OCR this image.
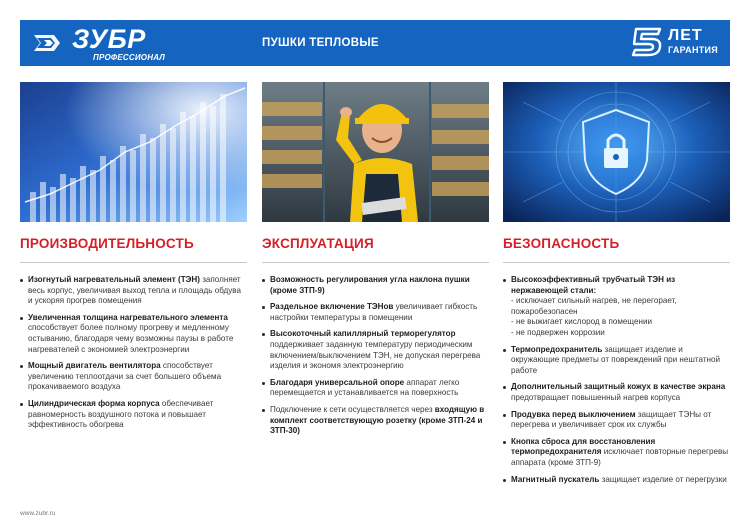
ЗУБР
ПРОФЕССИОНАЛ
ПУШКИ ТЕПЛОВЫЕ	ЛЕТ
ГАРАНТИЯ
ПРОИЗВОДИТЕЛЬНОСТЬ
Изогнутый нагревательный элемент (ТЭН) заполняет весь корпус, увеличивая выход тепла и площадь обдува и ускоряя прогрев помещения
Увеличенная толщина нагревательного элемента способствует более полному прогреву и медленному остыванию, благодаря чему возможны паузы в работе нагревателей с экономией электроэнергии
Мощный двигатель вентилятора способствует увеличению теплоотдачи за счет большего объема прокачиваемого воздуха
Цилиндрическая форма корпуса обеспечивает равномерность воздушного потока и повышает эффективность обогрева
ЭКСПЛУАТАЦИЯ
Возможность регулирования угла наклона пушки (кроме ЗТП-9)
Раздельное включение ТЭНов увеличивает гибкость настройки температуры в помещении
Высокоточный капиллярный терморегулятор поддерживает заданную температуру периодическим включением/выключением ТЭН, не допуская перегрева изделия и экономя электроэнергию
Благодаря универсальной опоре аппарат легко перемещается и устанавливается на поверхность
Подключение к сети осуществляется через входящую в комплект соответствующую розетку (кроме ЗТП-24 и ЗТП-30)
БЕЗОПАСНОСТЬ
Высокоэффективный трубчатый ТЭН из нержавеющей стали:
- исключает сильный нагрев, не перегорает, пожаробезопасен
- не выжигает кислород в помещении
- не подвержен коррозии
Термопредохранитель защищает изделие и окружающие предметы от повреждений при нештатной работе
Дополнительный защитный кожух в качестве экрана предотвращает повышенный нагрев корпуса
Продувка перед выключением защищает ТЭНы от перегрева и увеличивает срок их службы
Кнопка сброса для восстановления термопредохранителя исключает повторные перегревы аппарата (кроме ЗТП-9)
Магнитный пускатель защищает изделие от перегрузки
www.zubr.ru
